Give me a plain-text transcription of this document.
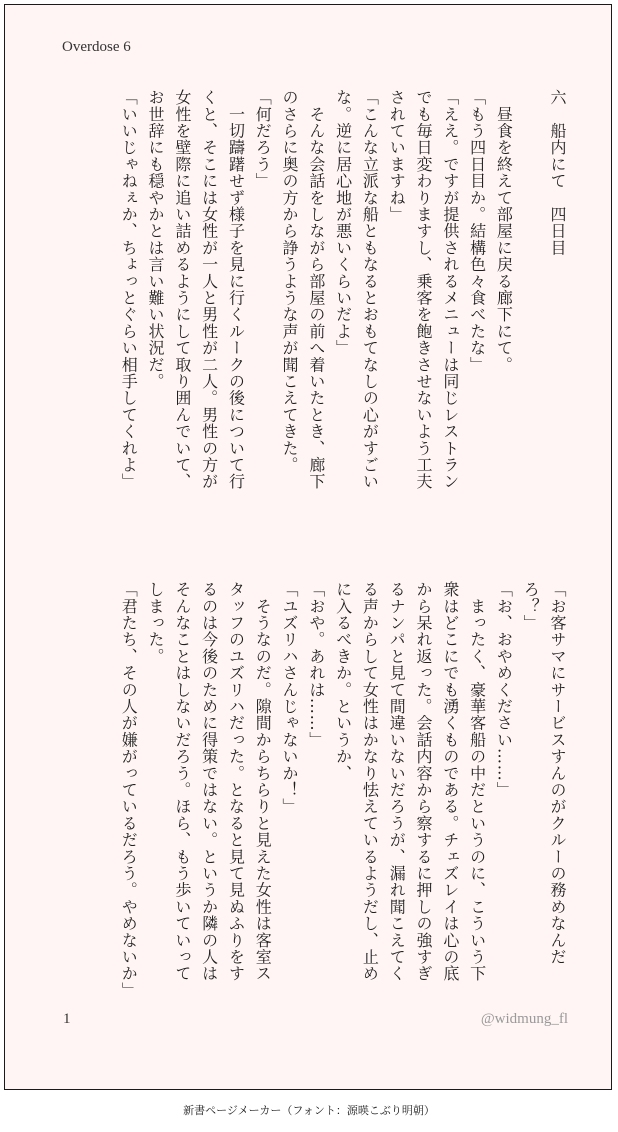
Overdose 6
六　船内にて　四日目

　昼食を終えて部屋に戻る廊下にて。
「もう四日目か。結構色々食べたな」
「ええ。ですが提供されるメニューは同じレストラン
でも毎日変わりますし、乗客を飽きさせないよう工夫
されていますね」
「こんな立派な船ともなるとおもてなしの心がすごい
な。逆に居心地が悪いくらいだよ」
　そんな会話をしながら部屋の前へ着いたとき、廊下
のさらに奥の方から諍うような声が聞こえてきた。
「何だろう」
　一切躊躇せず様子を見に行くルークの後について行
くと、そこには女性が一人と男性が二人。男性の方が
女性を壁際に追い詰めるようにして取り囲んでいて、
お世辞にも穏やかとは言い難い状況だ。
「いいじゃねぇか、ちょっとぐらい相手してくれよ」
「お客サマにサービスすんのがクルーの務めなんだ
ろ？」
「お、おやめください……」
　まったく、豪華客船の中だというのに、こういう下
衆はどこにでも湧くものである。チェズレイは心の底
から呆れ返った。会話内容から察するに押しの強すぎ
るナンパと見て間違いないだろうが、漏れ聞こえてく
る声からして女性はかなり怯えているようだし、止め
に入るべきか。というか、
「おや。あれは……」
「ユズリハさんじゃないか！」
　そうなのだ。隙間からちらりと見えた女性は客室ス
タッフのユズリハだった。となると見て見ぬふりをす
るのは今後のために得策ではない。というか隣の人は
そんなことはしないだろう。ほら、もう歩いていって
しまった。
「君たち、その人が嫌がっているだろう。やめないか」
1	@widmung_fl
新書ページメーカー（フォント：源暎こぶり明朝）
